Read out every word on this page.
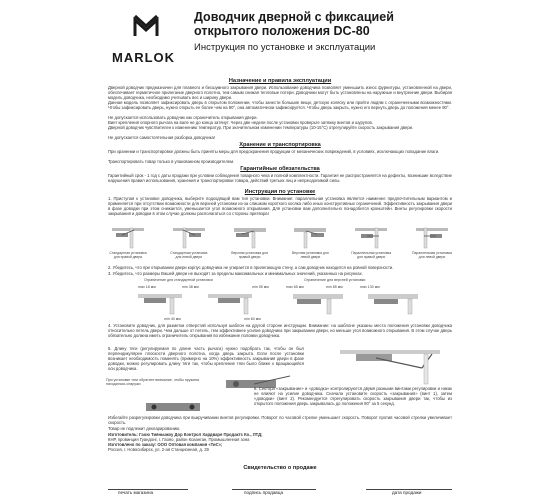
MARLOK
Доводчик дверной с фиксацией открытого положения DC-80
Инструкция по установке и эксплуатации
Назначение и правила эксплуатации
Дверной доводчик предназначен для плавного и бесшумного закрывания двери. Использование доводчика позволяет уменьшить износ фурнитуры, установленной на двери, обеспечивает герметичное прилегание дверного полотна, тем самым снижая тепловые потери. Доводчики могут быть установлены на наружные и внутренние двери. Выбирая модель доводчика, необходимо учитывать вес и ширину двери.
Данная модель позволяет зафиксировать дверь в открытом положении, чтобы занести большие вещи, детскую коляску или пройти людям с ограниченными возможностями. Чтобы зафиксировать дверь, нужно открыть ее более чем на 90°, она автоматически зафиксируется. Чтобы дверь закрыть, нужно его вернуть дверь до положения менее 90°.
Не допускается использовать доводчик как ограничитель открывания двери.
Винт крепления опорного рычага на вале не до конца затянут. Через две недели после установки проверьте затяжку винтов и шурупов.
Дверной доводчик чувствителен к изменению температур. При значительном изменении температуры (10-15°С) отрегулируйте скорость закрывания двери.
Не допускается самостоятельная разборка доводчика!
Хранение и транспортировка
При хранении и транспортировке должны быть приняты меры для предохранения продукции от механических повреждений, в условиях, исключающих попадание влаги.
Транспортировать товар только в упакованном производителем.
Гарантийные обязательства
Гарантийный срок - 1 год с даты продажи при условии соблюдения товарного чека и полной комплектности. Гарантия не распространяется на дефекты, возникшие вследствие нарушения правил использования, хранения и транспортировки товара, действий третьих лиц и непреодолимой силы.
Инструкция по установке
1. Приступая к установке доводчика, выберите подходящий вам тип установки. Внимание: параллельная установка является наименее предпочтительным вариантом и применяется при отсутствии возможности для верхней установки из-за слишком короткого косяка либо иных конструктивных ограничений. Эффективность закрывания двери в фазе доводки при этом снижается, уменьшается угол возможного открывания. Для установки вам дополнительно понадобится кронштейн. Винты регулировки скорости закрывания и доводки в этом случае должны располагаться со стороны притвора!
Стандартная установка для правой двери
Стандартная установка для левой двери
Верхняя установка для правой двери
Верхняя установка для левой двери
Параллельная установка для правой двери
Параллельная установка для левой двери
2. Убедитесь, что при открывании двери корпус доводчика не упирается в прилегающую стену, а сам доводчик находится на ровной поверхности.
3. Убедитесь, что размеры Вашей двери не выходят за пределы максимальных и минимальных значений, указанных на рисунках.
Ограничение для стандартной установки	Ограничение для верхней установки
max 18 мм	min 38 мм	min 55 мм	max 65 мм	min 85 мм	max 130 мм
min 40 мм	min 60 мм
4. Установите доводчик, для разметки отверстий используя шаблон на другой стороне инструкции. Внимание: на шаблоне указаны места положения установки доводчика относительно петель двери. Чем дальше от петель, тем эффективнее усилие доводчика при закрывании двери, но меньше угол возможного открывания. В этом случае дверь обязательно должна иметь ограничитель открывания во избежание поломки доводчика.
5. Длину тяги (регулируемая по длине часть рычага) нужно подобрать так, чтобы он был перпендикулярен плоскости дверного полотна, когда дверь закрыта. Если после установки возникает необходимость поменять (примерно на 10%) эффективность закрывания двери в фазе доводки, можно регулировать длину тяги так, чтобы крепление тяги было ближе к вращающейся оси доводчика.
При установке тяги обратите внимание, чтобы пружина находилась снаружи
6. Сектора «закрывание» и «доводка» контролируются двумя разными винтами регулировки и никак не влияют на усилие доводчика. Сначала установите скорость «закрывания» (винт 1), затем «доводки» (винт 2). Рекомендуется отрегулировать скорость закрывания двери так, чтобы из открытого положения дверь закрывалась до положения 90° за 5 секунд.
Избегайте разрегулировки доводчика при выкручивании винтов регулировки. Поворот по часовой стрелке уменьшает скорость. Поворот против часовой стрелки увеличивает скорость.
Товар не подлежит декларированию.
Изготовитель: Гаою Тияньчжоу Дор Контрол Хардваре Продактс Ко., ЛТД;
КНР, провинция Гуандонг, г. Гаояо, район Ксианган, Промышленная зона
Изготовлено по заказу: ООО Оптовая компания «ТиС»;
Россия, г. Новосибирск, ул. 2-ая Станционная, д. 29
Свидетельство о продаже
печать магазина	подпись продавца	дата продажи
